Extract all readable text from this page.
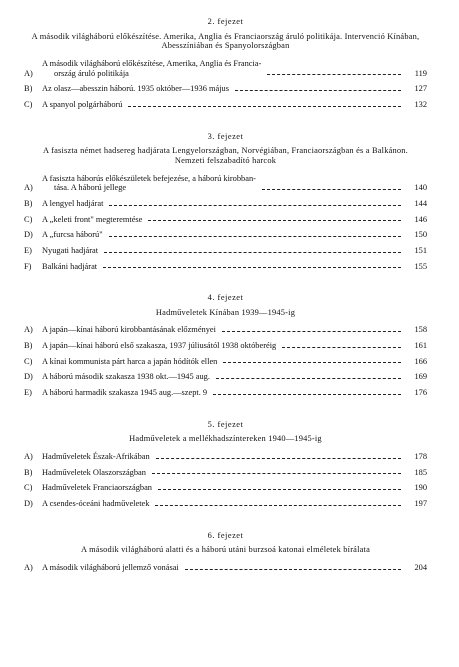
2. fejezet
A második világháború előkészítése. Amerika, Anglia és Franciaország áruló politikája. Intervenció Kínában, Abesszíniában és Spanyolországban
A)
A második világháború előkészítése, Amerika, Anglia és Francia-
ország áruló politikája	119
B)	Az olasz—abesszin háború. 1935 október—1936 május	127
C)	A spanyol polgárháború	132
3. fejezet
A fasiszta német hadsereg hadjárata Lengyelországban, Norvégiában, Franciaországban és a Balkánon. Nemzeti felszabadító harcok
A)
A fasiszta háborús előkészületek befejezése, a háború kirobban-
tása. A háború jellege	140
B)	A lengyel hadjárat	144
C)	A „keleti front" megteremtése	146
D)	A „furcsa háború"	150
E)	Nyugati hadjárat	151
F)	Balkáni hadjárat	155
4. fejezet
Hadműveletek Kínában 1939—1945-ig
A)	A japán—kínai háború kirobbantásának előzményei	158
B)	A japán—kínai háború első szakasza, 1937 júliusától 1938 októberéig	161
C)	A kínai kommunista párt harca a japán hódítók ellen	166
D)	A háború második szakasza 1938 okt.—1945 aug.	169
E)	A háború harmadik szakasza 1945 aug.—szept. 9	176
5. fejezet
Hadműveletek a mellékhadszíntereken 1940—1945-ig
A)	Hadműveletek Észak-Afrikában	178
B)	Hadműveletek Olaszországban	185
C)	Hadműveletek Franciaországban	190
D)	A csendes-óceáni hadműveletek	197
6. fejezet
A második világháború alatti és a háború utáni burzsoá katonai elméletek bírálata
A)	A második világháború jellemző vonásai	204
